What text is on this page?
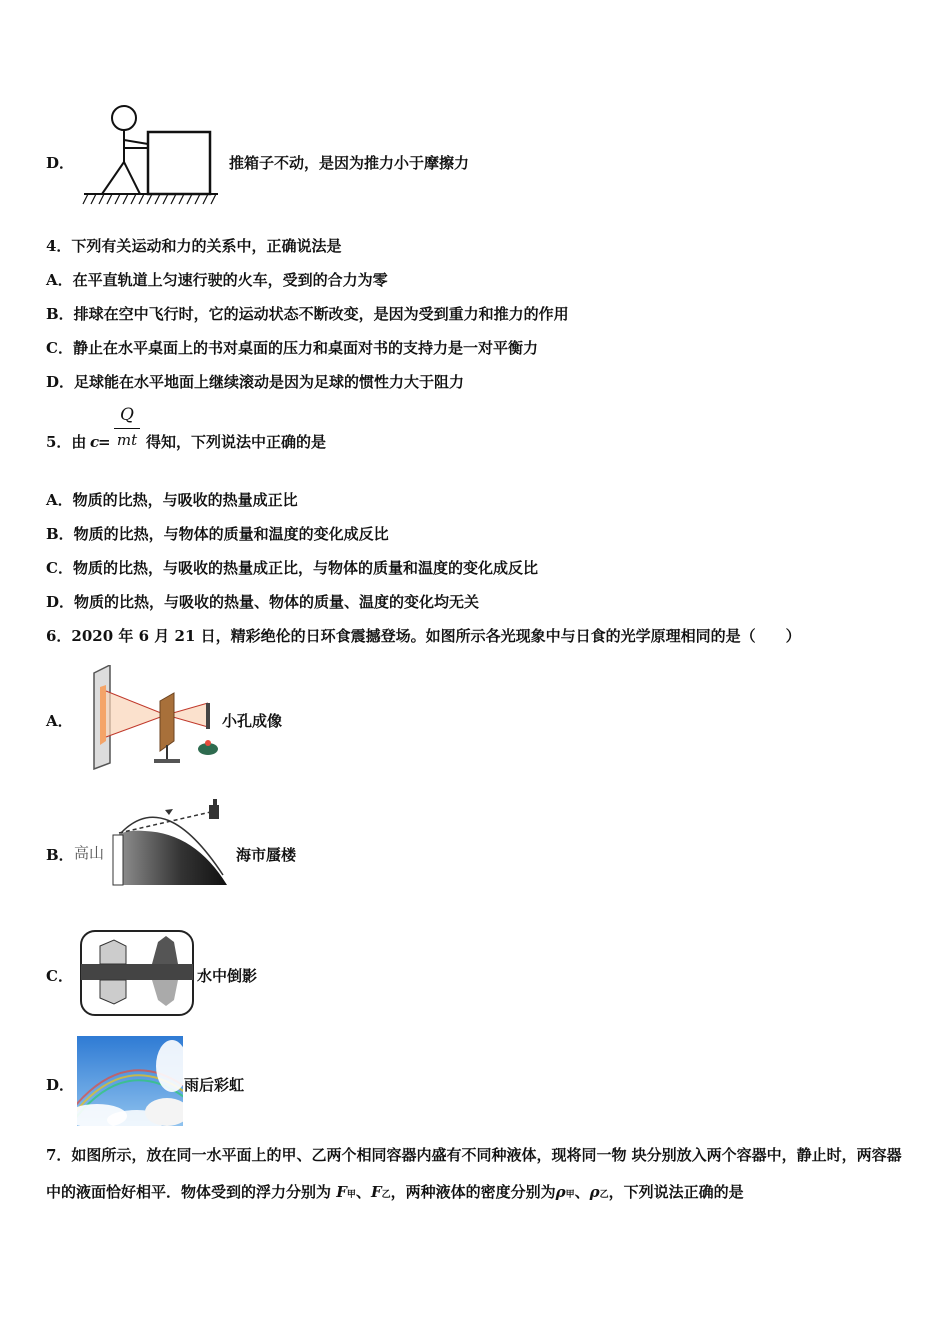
D．	推箱子不动，是因为推力小于摩擦力
4．下列有关运动和力的关系中，正确说法是
A．在平直轨道上匀速行驶的火车，受到的合力为零
B．排球在空中飞行时，它的运动状态不断改变，是因为受到重力和推力的作用
C．静止在水平桌面上的书对桌面的压力和桌面对书的支持力是一对平衡力
D．足球能在水平地面上继续滚动是因为足球的惯性力大于阻力
5．由 c
=
Q
mt 得知，下列说法中正确的是
A．物质的比热，与吸收的热量成正比
B．物质的比热，与物体的质量和温度的变化成反比
C．物质的比热，与吸收的热量成正比，与物体的质量和温度的变化成反比
D．物质的比热，与吸收的热量、物体的质量、温度的变化均无关
6．2020 年 6 月 21 日，精彩绝伦的日环食震撼登场。如图所示各光现象中与日食的光学原理相同的是（　　）
A．	小孔成像
B． 高山	海市蜃楼
C．	水中倒影
D．	雨后彩虹
7．如图所示，放在同一水平面上的甲、乙两个相同容器内盛有不同种液体，现将同一物 块分别放入两个容器中，静止时，两容器中的液面恰好相平．物体受到的浮力分别为 F甲、F乙，两种液体的密度分别为ρ甲、ρ乙，下列说法正确的是
